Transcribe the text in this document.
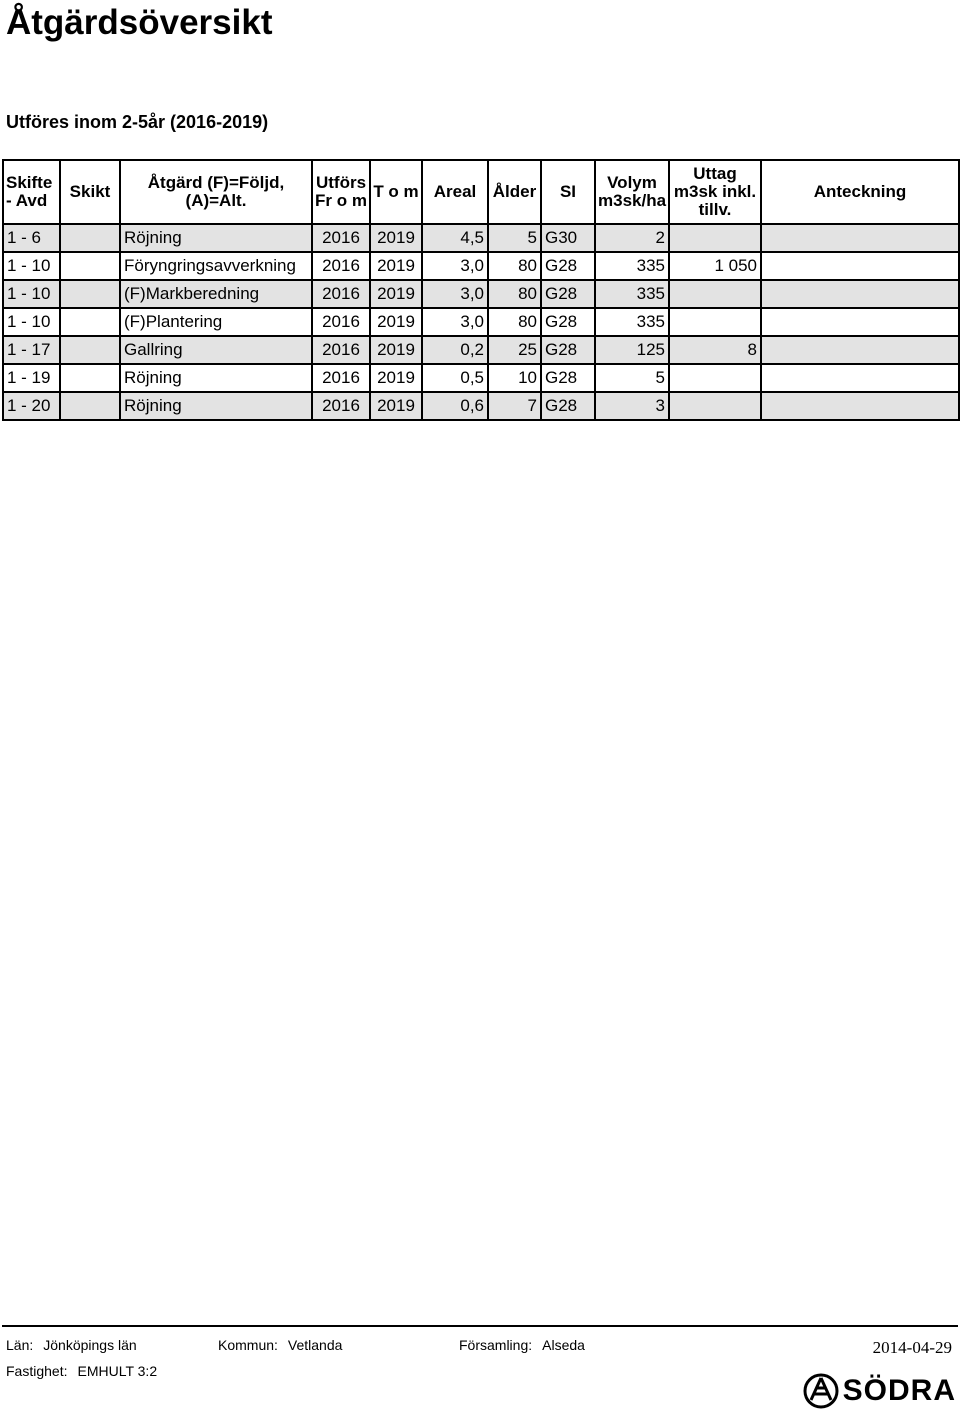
Åtgärdsöversikt
Utföres inom 2-5år (2016-2019)
Skifte - Avd	Skikt	Åtgärd (F)=Följd, (A)=Alt.	Utförs Fr o m	T o m	Areal	Ålder	SI	Volym m3sk/ha	Uttag m3sk inkl. tillv.	Anteckning
1 - 6		Röjning	2016	2019	4,5	5	G30	2		
1 - 10		Föryngringsavverkning	2016	2019	3,0	80	G28	335	1 050	
1 - 10		(F)Markberedning	2016	2019	3,0	80	G28	335		
1 - 10		(F)Plantering	2016	2019	3,0	80	G28	335		
1 - 17		Gallring	2016	2019	0,2	25	G28	125	8	
1 - 19		Röjning	2016	2019	0,5	10	G28	5		
1 - 20		Röjning	2016	2019	0,6	7	G28	3		
Län: Jönköpings län	Kommun: Vetlanda	Församling: Alseda
Fastighet: EMHULT 3:2
2014-04-29
SÖDRA
